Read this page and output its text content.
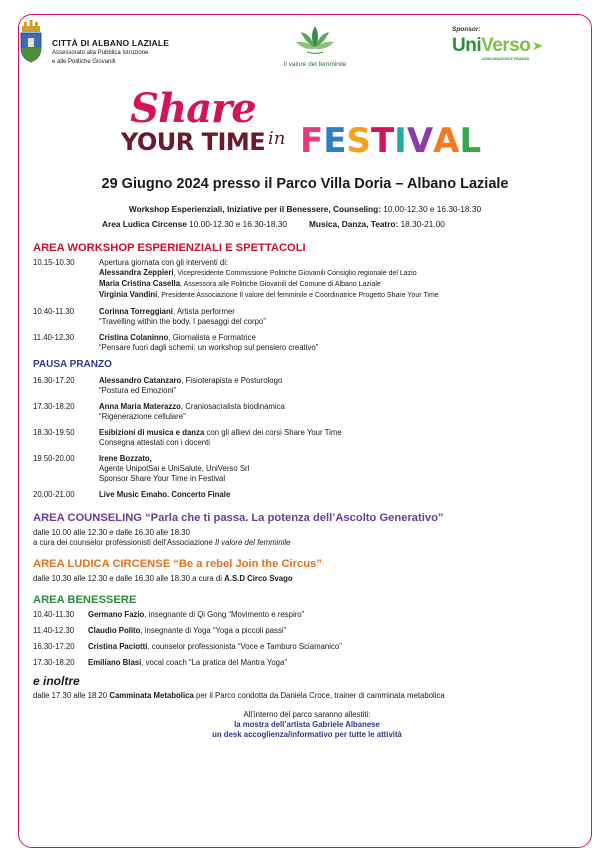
CITTÀ DI ALBANO LAZIALE
Assessorato alla Pubblica Istruzione
e alle Politiche Giovanili	Il valore del femminile
Sponsor:
UniVerso
ASSICURAZIONI E FINANZA
Share
YOUR TIME in F E S T I V A L
29 Giugno 2024 presso il Parco Villa Doria – Albano Laziale
Workshop Esperienziali, Iniziative per il Benessere, Counseling: 10.00-12.30 e 16.30-18.30
Area Ludica Circense 10.00-12.30 e 16.30-18.30	Musica, Danza, Teatro: 18.30-21.00
AREA WORKSHOP ESPERIENZIALI E SPETTACOLI
10.15-10.30	Apertura giornata con gli interventi di:
Alessandra Zeppieri, Vicepresidente Commissione Politiche Giovanili Consiglio regionale del Lazio
Maria Cristina Casella, Assessora alle Politiche Giovanili del Comune di Albano Laziale
Virginia Vandini, Presidente Associazione Il valore del femminile e Coordinatrice Progetto Share Your Time
10.40-11.30	Corinna Torreggiani, Artista performer
“Travelling within the body. I paesaggi del corpo”
11.40-12.30	Cristina Colaninno, Giornalista e Formatrice
“Pensare fuori dagli schemi: un workshop sul pensiero creativo”
PAUSA PRANZO
16.30-17.20	Alessandro Catanzaro, Fisioterapista e Posturologo
“Postura ed Emozioni”
17.30-18.20	Anna Maria Materazzo, Craniosacralista biodinamica
“Rigenerazione cellulare”
18.30-19.50	Esibizioni di musica e danza con gli allievi dei corsi Share Your Time
Consegna attestati con i docenti
19.50-20.00	Irene Bozzato,
Agente UnipolSai e UniSalute, UniVerso Srl
Sponsor Share Your Time in Festival
20.00-21.00	Live Music Emaho. Concerto Finale
AREA COUNSELING “Parla che ti passa. La potenza dell’Ascolto Generativo”
dalle 10.00 alle 12.30 e dalle 16.30 alle 18.30
a cura dei counselor professionisti dell’Associazione Il valore del femminile
AREA LUDICA CIRCENSE “Be a rebel Join the Circus”
dalle 10.30 alle 12.30 e dalle 16.30 alle 18.30 a cura di A.S.D Circo Svago
AREA BENESSERE
10.40-11.30	Germano Fazio, insegnante di Qi Gong “Movimento e respiro”
11.40-12.30	Claudio Polito, insegnante di Yoga “Yoga a piccoli passi”
16.30-17.20	Cristina Paciotti, counselor professionista “Voce e Tamburo Sciamanico”
17.30-18.20	Emiliano Blasi, vocal coach “La pratica del Mantra Yoga”
e inoltre
dalle 17.30 alle 18.20 Camminata Metabolica per il Parco condotta da Daniela Croce, trainer di camminata metabolica
All’interno del parco saranno allestiti:
la mostra dell’artista Gabriele Albanese
un desk accoglienza/informativo per tutte le attività
